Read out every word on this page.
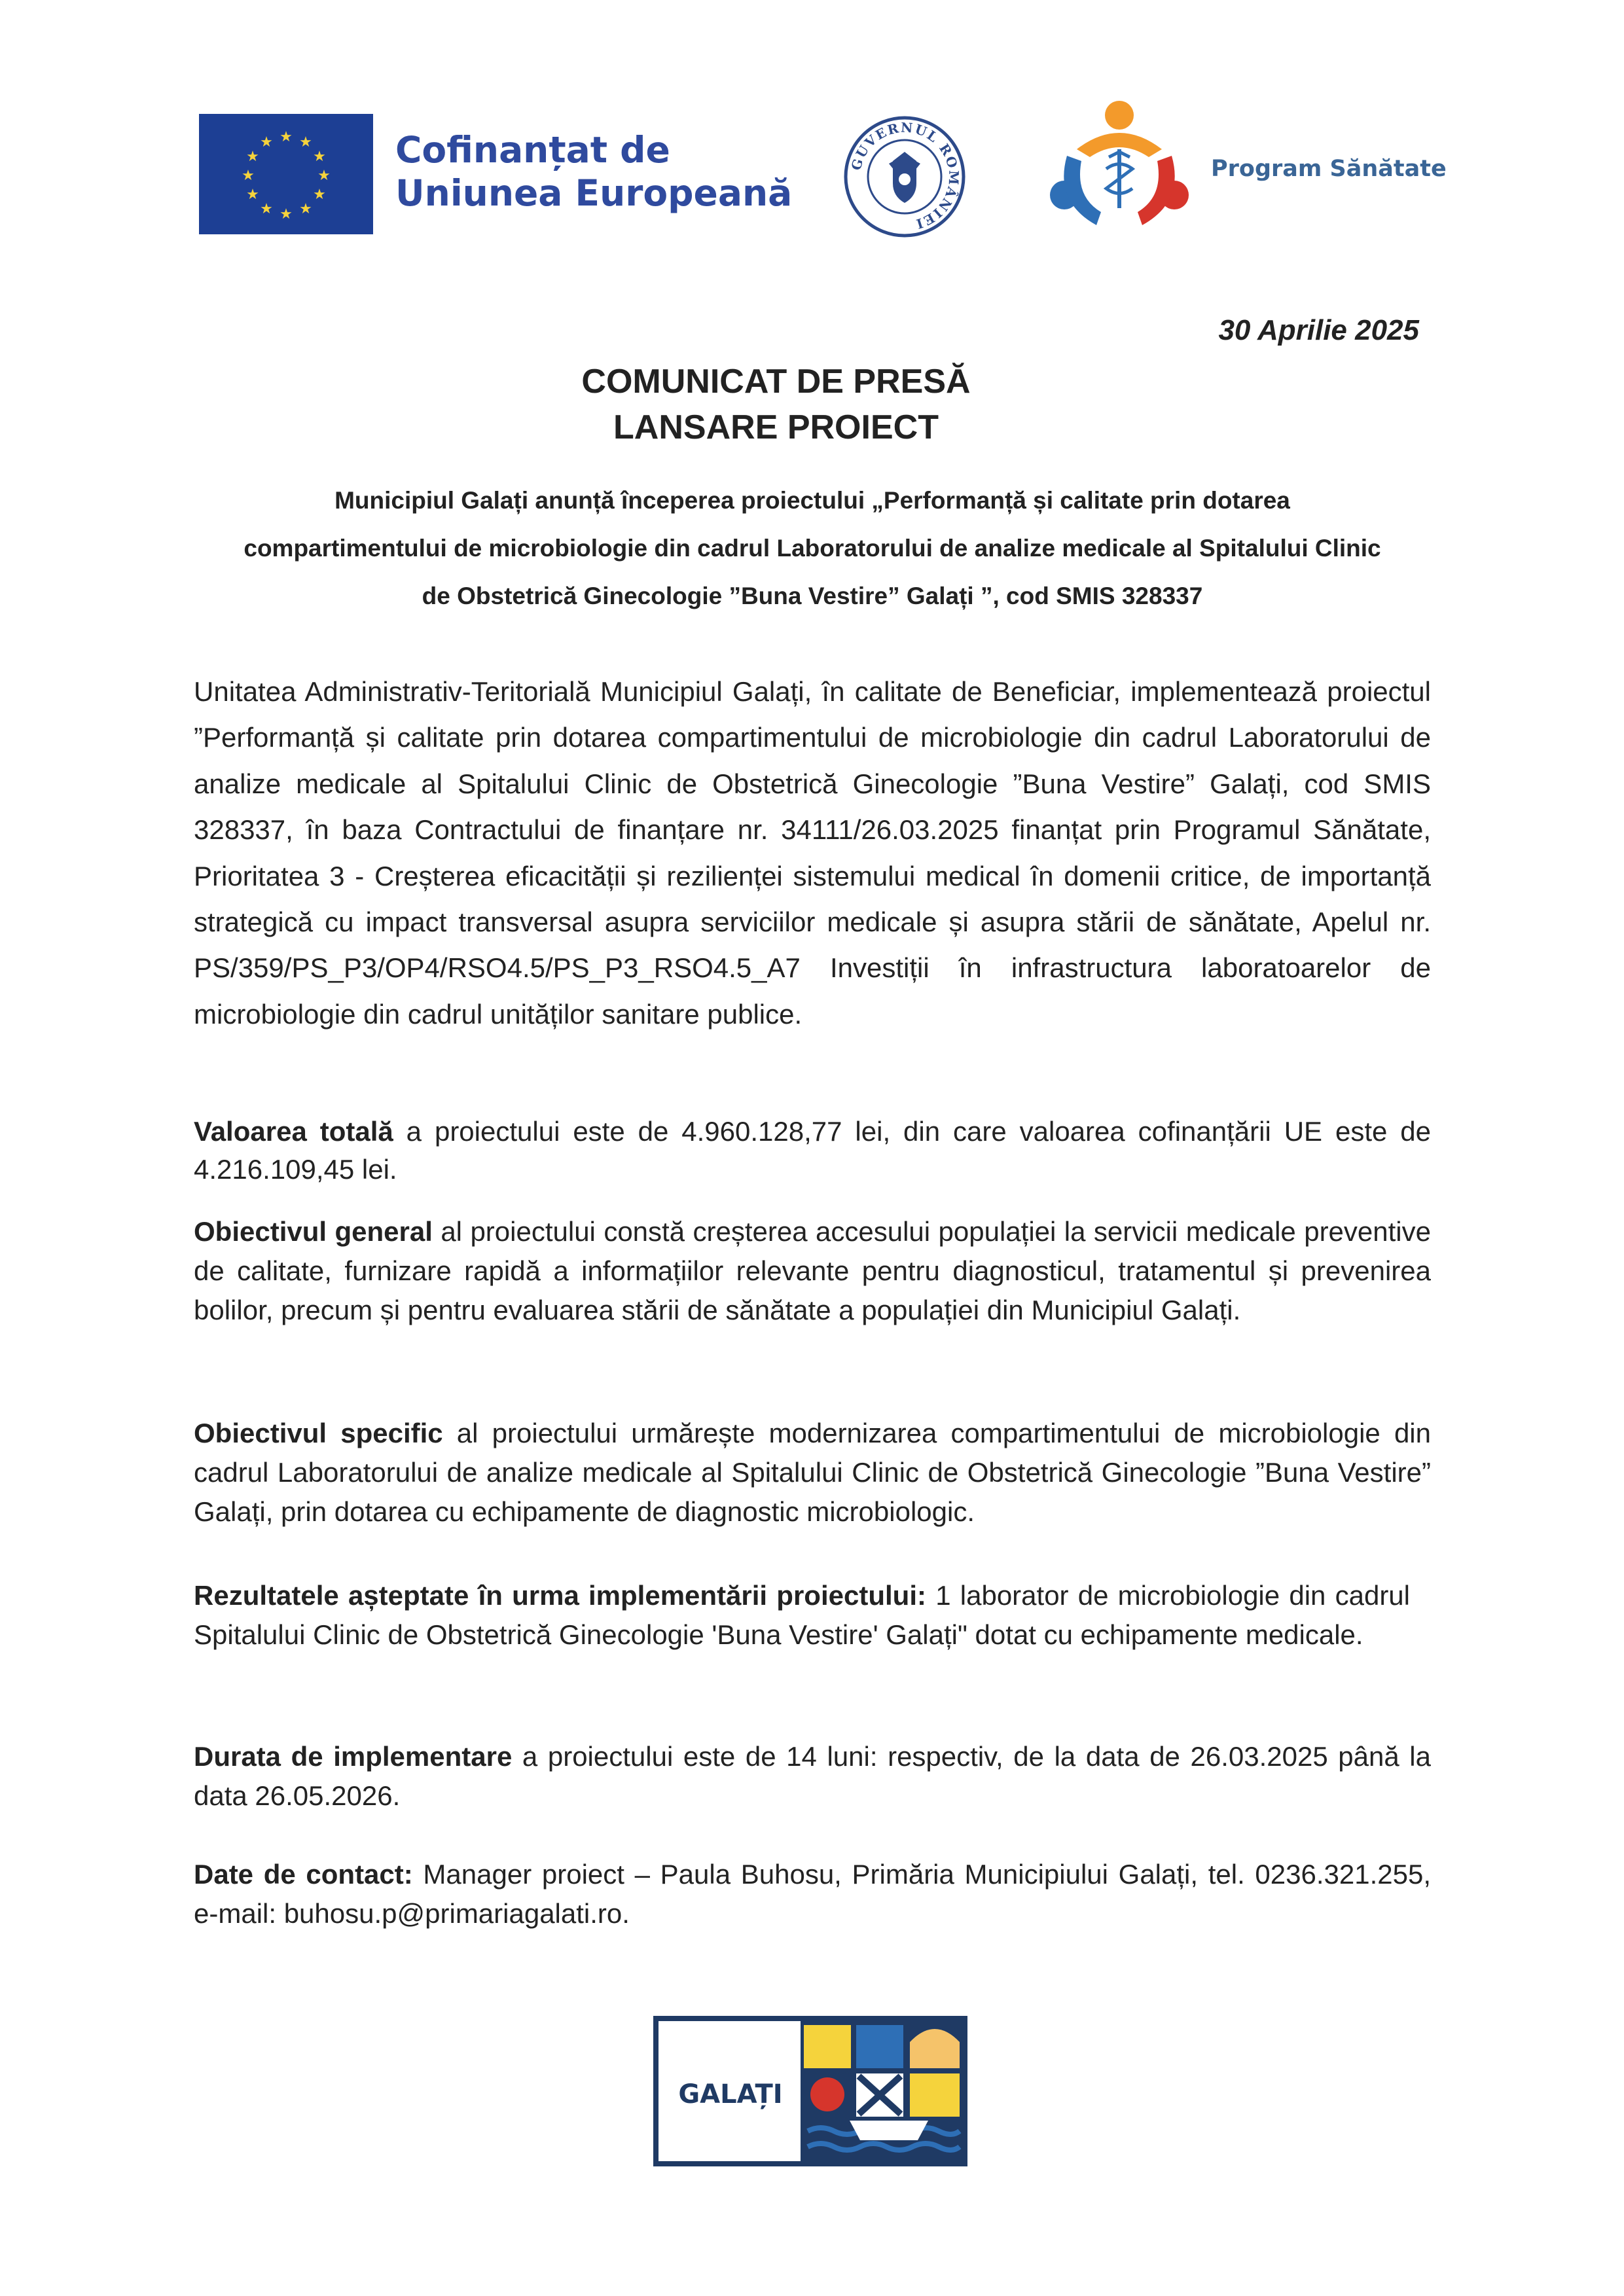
★ ★
★
★
★
★
★
★
★
★
★
★	Cofinanțat de
Uniunea Europeană
GUVERNUL ROMÂNIEI
Program Sănătate
30 Aprilie 2025
COMUNICAT DE PRESĂ
LANSARE PROIECT
Municipiul Galați anunță începerea proiectului „Performanță și calitate prin dotarea
compartimentului de microbiologie din cadrul Laboratorului de analize medicale al Spitalului Clinic
de Obstetrică Ginecologie ”Buna Vestire” Galați ”, cod SMIS 328337
Unitatea Administrativ-Teritorială Municipiul Galați, în calitate de Beneficiar, implementează proiectul ”Performanță și calitate prin dotarea compartimentului de microbiologie din cadrul Laboratorului de analize medicale al Spitalului Clinic de Obstetrică Ginecologie ”Buna Vestire” Galați, cod SMIS 328337, în baza Contractului de finanțare nr. 34111/26.03.2025 finanțat prin Programul Sănătate, Prioritatea 3 - Creșterea eficacității și rezilienței sistemului medical în domenii critice, de importanță strategică cu impact transversal asupra serviciilor medicale și asupra stării de sănătate, Apelul nr. PS/359/PS_P3/OP4/RSO4.5/PS_P3_RSO4.5_A7 Investiții în infrastructura laboratoarelor de microbiologie din cadrul unităților sanitare publice.
Valoarea totală a proiectului este de 4.960.128,77 lei, din care valoarea cofinanțării UE este de 4.216.109,45 lei.
Obiectivul general al proiectului constă creșterea accesului populației la servicii medicale preventive de calitate, furnizare rapidă a informațiilor relevante pentru diagnosticul, tratamentul și prevenirea bolilor, precum și pentru evaluarea stării de sănătate a populației din Municipiul Galați.
Obiectivul specific al proiectului urmărește modernizarea compartimentului de microbiologie din cadrul Laboratorului de analize medicale al Spitalului Clinic de Obstetrică Ginecologie ”Buna Vestire” Galați, prin dotarea cu echipamente de diagnostic microbiologic.
Rezultatele așteptate în urma implementării proiectului: 1 laborator de microbiologie din cadrul Spitalului Clinic de Obstetrică Ginecologie 'Buna Vestire' Galați" dotat cu echipamente medicale.
Durata de implementare a proiectului este de 14 luni: respectiv, de la data de 26.03.2025 până la data 26.05.2026.
Date de contact: Manager proiect – Paula Buhosu, Primăria Municipiului Galați, tel. 0236.321.255, e-mail: buhosu.p@primariagalati.ro.
GALAȚI
